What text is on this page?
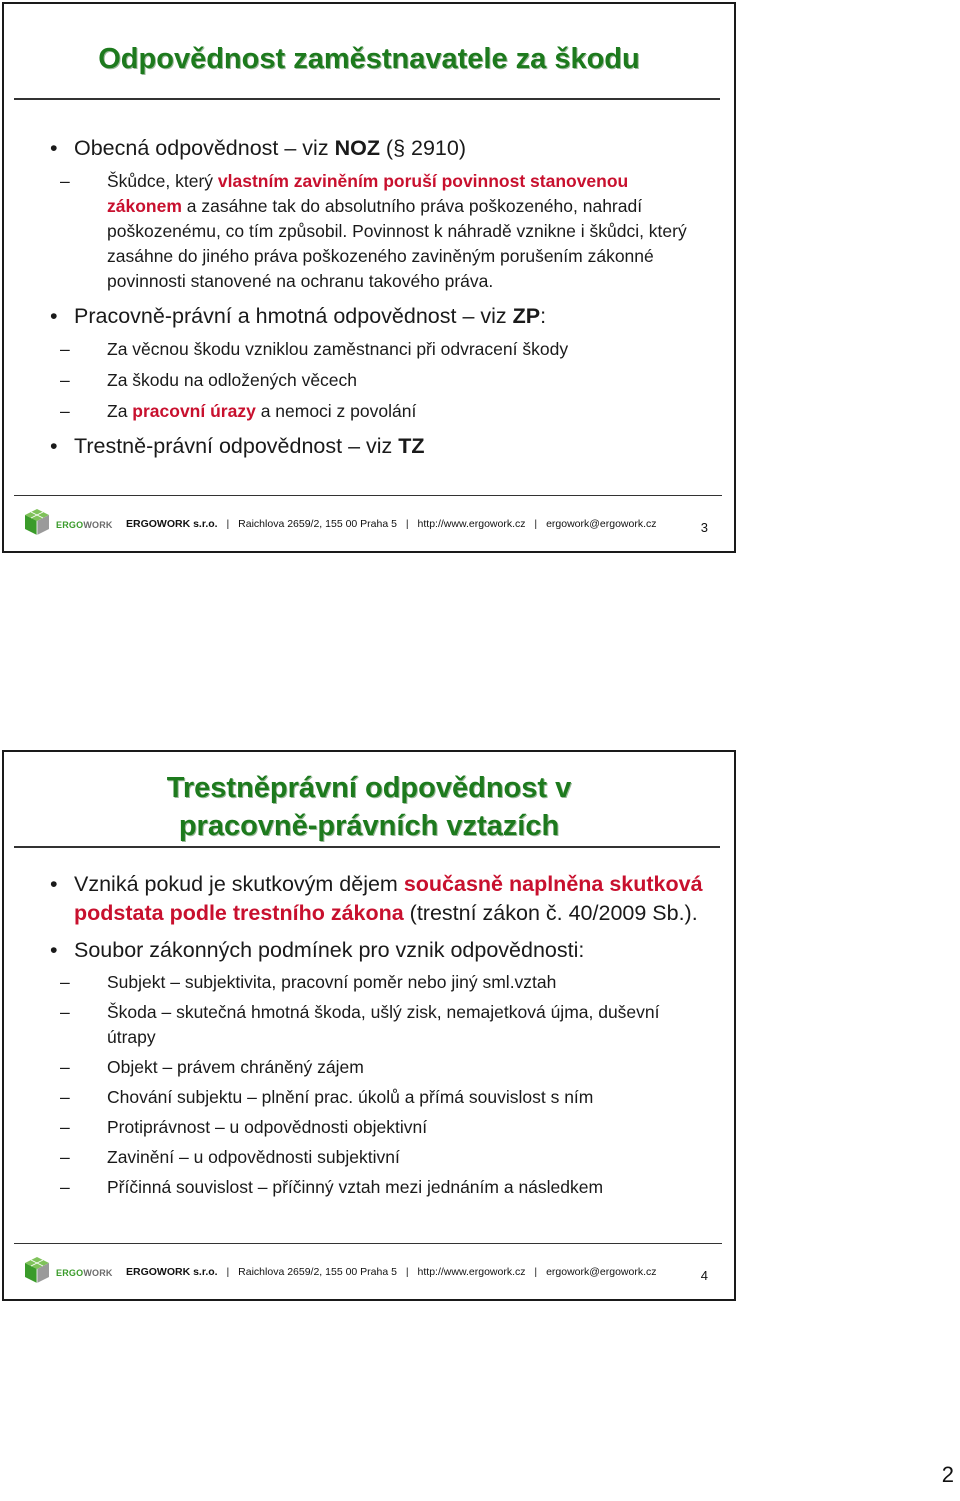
Odpovědnost zaměstnavatele za škodu
• Obecná odpovědnost – viz NOZ (§ 2910)
– Škůdce, který vlastním zaviněním poruší povinnost stanovenou zákonem a zasáhne tak do absolutního práva poškozeného, nahradí poškozenému, co tím způsobil. Povinnost k náhradě vznikne i škůdci, který zasáhne do jiného práva poškozeného zaviněným porušením zákonné povinnosti stanovené na ochranu takového práva.
• Pracovně-právní a hmotná odpovědnost – viz ZP:
– Za věcnou škodu vzniklou zaměstnanci při odvracení škody
– Za škodu na odložených věcech
– Za pracovní úrazy a nemoci z povolání
• Trestně-právní odpovědnost – viz TZ
ERGOWORK ERGOWORK s.r.o. | Raichlova 2659/2, 155 00 Praha 5 | http://www.ergowork.cz | ergowork@ergowork.cz	3
Trestněprávní odpovědnost v
pracovně-právních vztazích
• Vzniká pokud je skutkovým dějem současně naplněna skutková podstata podle trestního zákona (trestní zákon č. 40/2009 Sb.).
• Soubor zákonných podmínek pro vznik odpovědnosti:
– Subjekt – subjektivita, pracovní poměr nebo jiný sml.vztah
– Škoda – skutečná hmotná škoda, ušlý zisk, nemajetková újma, duševní útrapy
– Objekt – právem chráněný zájem
– Chování subjektu – plnění prac. úkolů a přímá souvislost s ním
– Protiprávnost – u odpovědnosti objektivní
– Zavinění – u odpovědnosti subjektivní
– Příčinná souvislost – příčinný vztah mezi jednáním a následkem
ERGOWORK ERGOWORK s.r.o. | Raichlova 2659/2, 155 00 Praha 5 | http://www.ergowork.cz | ergowork@ergowork.cz	4
2
